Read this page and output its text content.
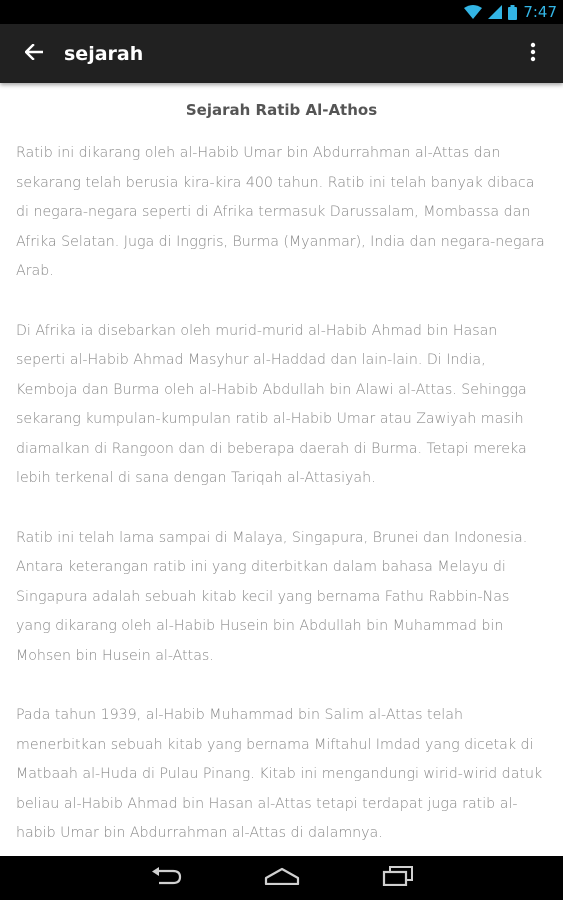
7:47
sejarah
Sejarah Ratib Al-Athos

Ratib ini dikarang oleh al-Habib Umar bin Abdurrahman al-Attas dan sekarang telah berusia kira-kira 400 tahun. Ratib ini telah banyak dibaca di negara-negara seperti di Afrika termasuk Darussalam, Mombassa dan Afrika Selatan. Juga di Inggris, Burma (Myanmar), India dan negara-negara Arab.

Di Afrika ia disebarkan oleh murid-murid al-Habib Ahmad bin Hasan seperti al-Habib Ahmad Masyhur al-Haddad dan lain-lain. Di India, Kemboja dan Burma oleh al-Habib Abdullah bin Alawi al-Attas. Sehingga sekarang kumpulan-kumpulan ratib al-Habib Umar atau Zawiyah masih diamalkan di Rangoon dan di beberapa daerah di Burma. Tetapi mereka lebih terkenal di sana dengan Tariqah al-Attasiyah.

Ratib ini telah lama sampai di Malaya, Singapura, Brunei dan Indonesia. Antara keterangan ratib ini yang diterbitkan dalam bahasa Melayu di Singapura adalah sebuah kitab kecil yang bernama Fathu Rabbin-Nas yang dikarang oleh al-Habib Husein bin Abdullah bin Muhammad bin Mohsen bin Husein al-Attas.

Pada tahun 1939, al-Habib Muhammad bin Salim al-Attas telah menerbitkan sebuah kitab yang bernama Miftahul Imdad yang dicetak di Matbaah al-Huda di Pulau Pinang. Kitab ini mengandungi wirid-wirid datuk beliau al-Habib Ahmad bin Hasan al-Attas tetapi terdapat juga ratib al-habib Umar bin Abdurrahman al-Attas di dalamnya.
